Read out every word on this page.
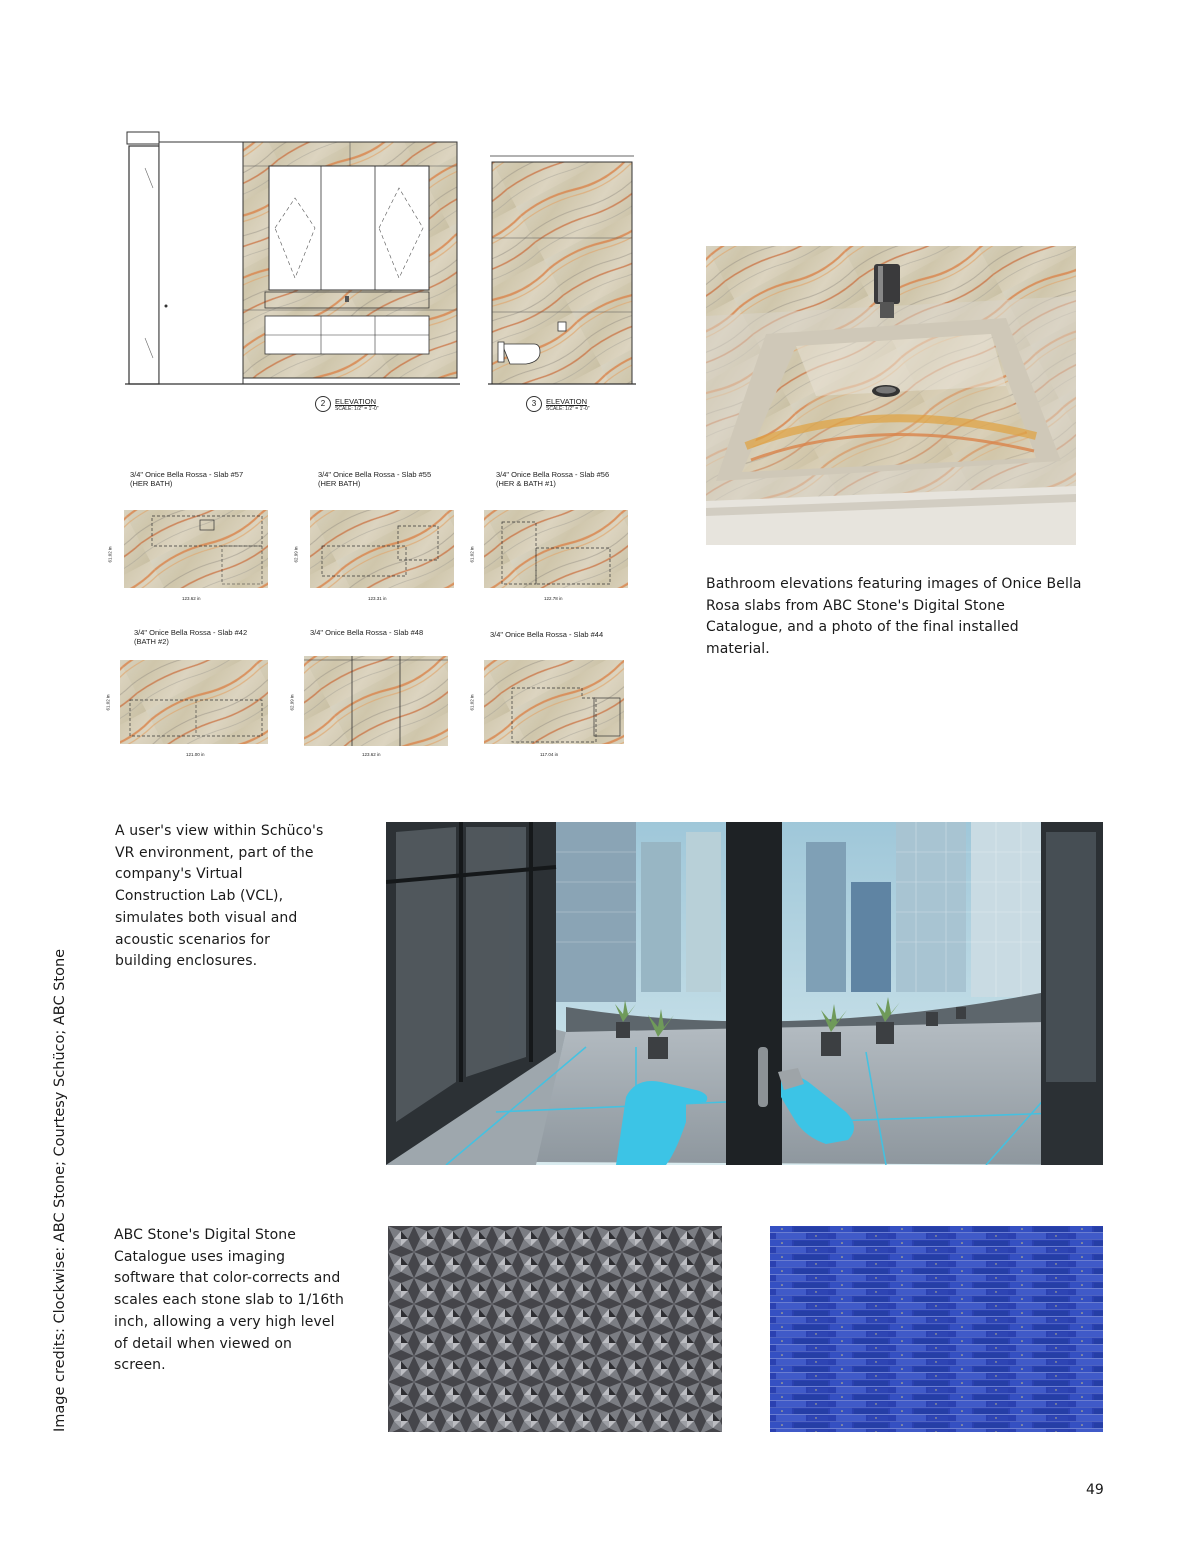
2	ELEVATION
SCALE: 1/2" = 1'-0"
3	ELEVATION
SCALE: 1/2" = 1'-0"
3/4" Onice Bella Rossa - Slab #57
(HER BATH)
61.02 in
123.62 in
3/4" Onice Bella Rossa - Slab #55
(HER BATH)
62.99 in
123.31 in
3/4" Onice Bella Rossa - Slab #56
(HER & BATH #1)
61.02 in
122.78 in
3/4" Onice Bella Rossa - Slab #42
(BATH #2)
61.02 in
121.00 in
3/4" Onice Bella Rossa - Slab #48
62.99 in
123.62 in
3/4" Onice Bella Rossa - Slab #44
61.02 in
117.04 in
Bathroom elevations featuring images of Onice Bella Rosa slabs from ABC Stone's Digital Stone Catalogue, and a photo of the final installed material.
A user's view within Schüco's VR environment, part of the company's Virtual Construction Lab (VCL), simulates both visual and acoustic scenarios for building enclosures.
ABC Stone's Digital Stone Catalogue uses imaging software that color-corrects and scales each stone slab to 1/16th inch, allowing a very high level of detail when viewed on screen.
Image credits: Clockwise: ABC Stone; Courtesy Schüco; ABC Stone
49
